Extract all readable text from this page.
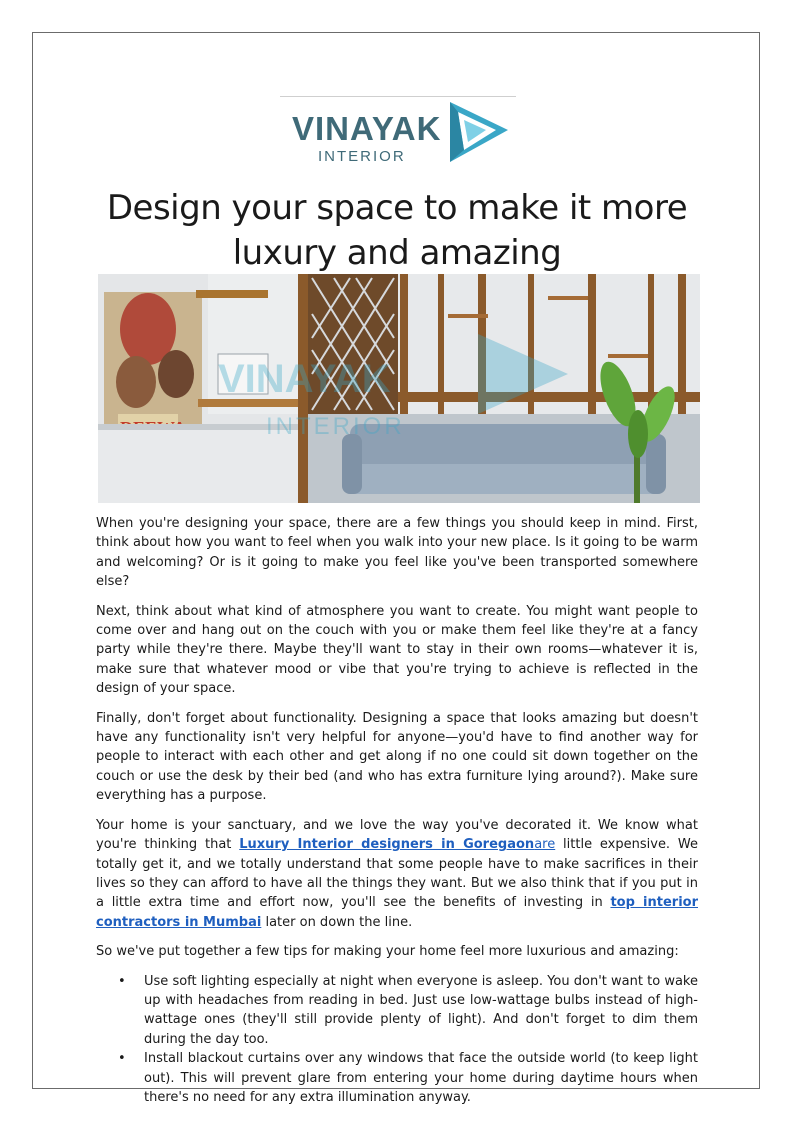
VINAYAK
INTERIOR
Design your space to make it more luxury and amazing
VINAYAK
INTERIOR

When you're designing your space, there are a few things you should keep in mind. First, think about how you want to feel when you walk into your new place. Is it going to be warm and welcoming? Or is it going to make you feel like you've been transported somewhere else?

Next, think about what kind of atmosphere you want to create. You might want people to come over and hang out on the couch with you or make them feel like they're at a fancy party while they're there. Maybe they'll want to stay in their own rooms—whatever it is, make sure that whatever mood or vibe that you're trying to achieve is reflected in the design of your space.

Finally, don't forget about functionality. Designing a space that looks amazing but doesn't have any functionality isn't very helpful for anyone—you'd have to find another way for people to interact with each other and get along if no one could sit down together on the couch or use the desk by their bed (and who has extra furniture lying around?). Make sure everything has a purpose.

Your home is your sanctuary, and we love the way you've decorated it. We know what you're thinking that Luxury Interior designers in Goregaonare little expensive. We totally get it, and we totally understand that some people have to make sacrifices in their lives so they can afford to have all the things they want. But we also think that if you put in a little extra time and effort now, you'll see the benefits of investing in top interior contractors in Mumbai later on down the line.

So we've put together a few tips for making your home feel more luxurious and amazing:

• Use soft lighting especially at night when everyone is asleep. You don't want to wake up with headaches from reading in bed. Just use low-wattage bulbs instead of high-wattage ones (they'll still provide plenty of light). And don't forget to dim them during the day too.
• Install blackout curtains over any windows that face the outside world (to keep light out). This will prevent glare from entering your home during daytime hours when there's no need for any extra illumination anyway.
